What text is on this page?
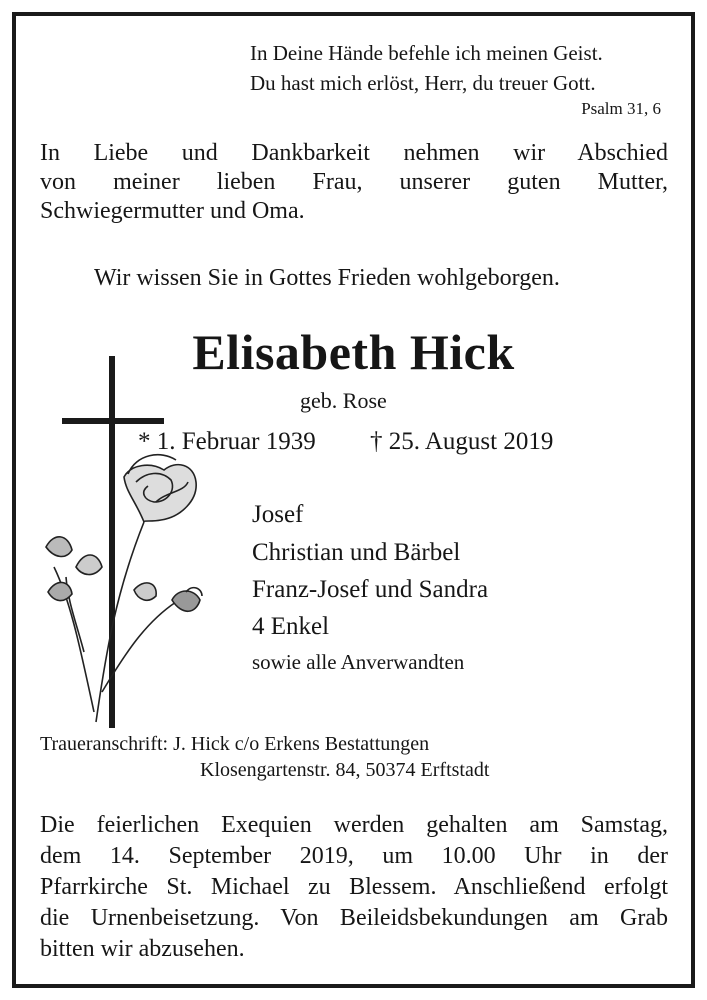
In Deine Hände befehle ich meinen Geist.
Du hast mich erlöst, Herr, du treuer Gott.
Psalm 31, 6
In Liebe und Dankbarkeit nehmen wir Abschied
von meiner lieben Frau, unserer guten Mutter,
Schwiegermutter und Oma.
Wir wissen Sie in Gottes Frieden wohlgeborgen.
Elisabeth Hick
geb. Rose
* 1. Februar 1939 † 25. August 2019
Josef
Christian und Bärbel
Franz-Josef und Sandra
4 Enkel
sowie alle Anverwandten
Traueranschrift: J. Hick c/o Erkens Bestattungen
Klosengartenstr. 84, 50374 Erftstadt
Die feierlichen Exequien werden gehalten am Samstag,
dem 14. September 2019, um 10.00 Uhr in der
Pfarrkirche St. Michael zu Blessem. Anschließend erfolgt
die Urnenbeisetzung. Von Beileidsbekundungen am Grab
bitten wir abzusehen.
